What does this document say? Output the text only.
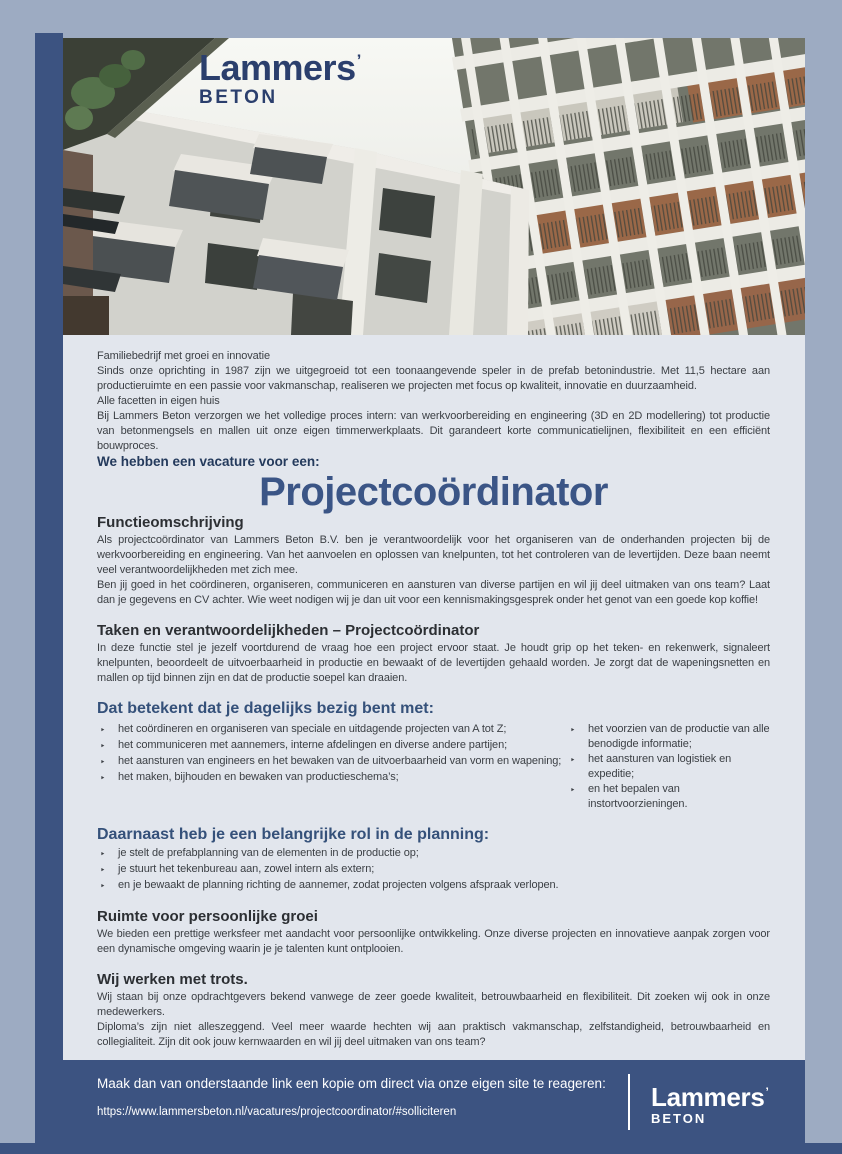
Lammers’
BETON

Familiebedrijf met groei en innovatie

Sinds onze oprichting in 1987 zijn we uitgegroeid tot een toonaangevende speler in de prefab betonindustrie. Met 11,5 hectare aan productieruimte en een passie voor vakmanschap, realiseren we projecten met focus op kwaliteit, innovatie en duurzaamheid.

Alle facetten in eigen huis

Bij Lammers Beton verzorgen we het volledige proces intern: van werkvoorbereiding en engineering (3D en 2D modellering) tot productie van betonmengsels en mallen uit onze eigen timmerwerkplaats. Dit garandeert korte communicatielijnen, flexibiliteit en een efficiënt bouwproces.

We hebben een vacature voor een:

Projectcoördinator
Functieomschrijving

Als projectcoördinator van Lammers Beton B.V. ben je verantwoordelijk voor het organiseren van de onderhanden projecten bij de werkvoorbereiding en engineering. Van het aanvoelen en oplossen van knelpunten, tot het controleren van de levertijden. Deze baan neemt veel verantwoordelijkheden met zich mee.

Ben jij goed in het coördineren, organiseren, communiceren en aansturen van diverse partijen en wil jij deel uitmaken van ons team? Laat dan je gegevens en CV achter. Wie weet nodigen wij je dan uit voor een kennismakingsgesprek onder het genot van een goede kop koffie!

Taken en verantwoordelijkheden – Projectcoördinator

In deze functie stel je jezelf voortdurend de vraag hoe een project ervoor staat. Je houdt grip op het teken- en rekenwerk, signaleert knelpunten, beoordeelt de uitvoerbaarheid in productie en bewaakt of de levertijden gehaald worden. Je zorgt dat de wapeningsnetten en mallen op tijd binnen zijn en dat de productie soepel kan draaien.

Dat betekent dat je dagelijks bezig bent met:
‣	het coördineren en organiseren van speciale en uitdagende projecten van A tot Z;
‣	het communiceren met aannemers, interne afdelingen en diverse andere partijen;
‣	het aansturen van engineers en het bewaken van de uitvoerbaarheid van vorm en wapening;
‣	het maken, bijhouden en bewaken van productieschema’s;
‣	het voorzien van de productie van alle benodigde informatie;
‣	het aansturen van logistiek en expeditie;
‣	en het bepalen van instortvoorzieningen.
Daarnaast heb je een belangrijke rol in de planning:
‣	je stelt de prefabplanning van de elementen in de productie op;
‣	je stuurt het tekenbureau aan, zowel intern als extern;
‣	en je bewaakt de planning richting de aannemer, zodat projecten volgens afspraak verlopen.
Ruimte voor persoonlijke groei

We bieden een prettige werksfeer met aandacht voor persoonlijke ontwikkeling. Onze diverse projecten en innovatieve aanpak zorgen voor een dynamische omgeving waarin je je talenten kunt ontplooien.

Wij werken met trots.

Wij staan bij onze opdrachtgevers bekend vanwege de zeer goede kwaliteit, betrouwbaarheid en flexibiliteit. Dit zoeken wij ook in onze medewerkers.

Diploma’s zijn niet alleszeggend. Veel meer waarde hechten wij aan praktisch vakmanschap, zelfstandigheid, betrouwbaarheid en collegialiteit. Zijn dit ook jouw kernwaarden en wil jij deel uitmaken van ons team?

Maak dan van onderstaande link een kopie om direct via onze eigen site te reageren:

https://www.lammersbeton.nl/vacatures/projectcoordinator/#solliciteren	Lammers’
BETON
